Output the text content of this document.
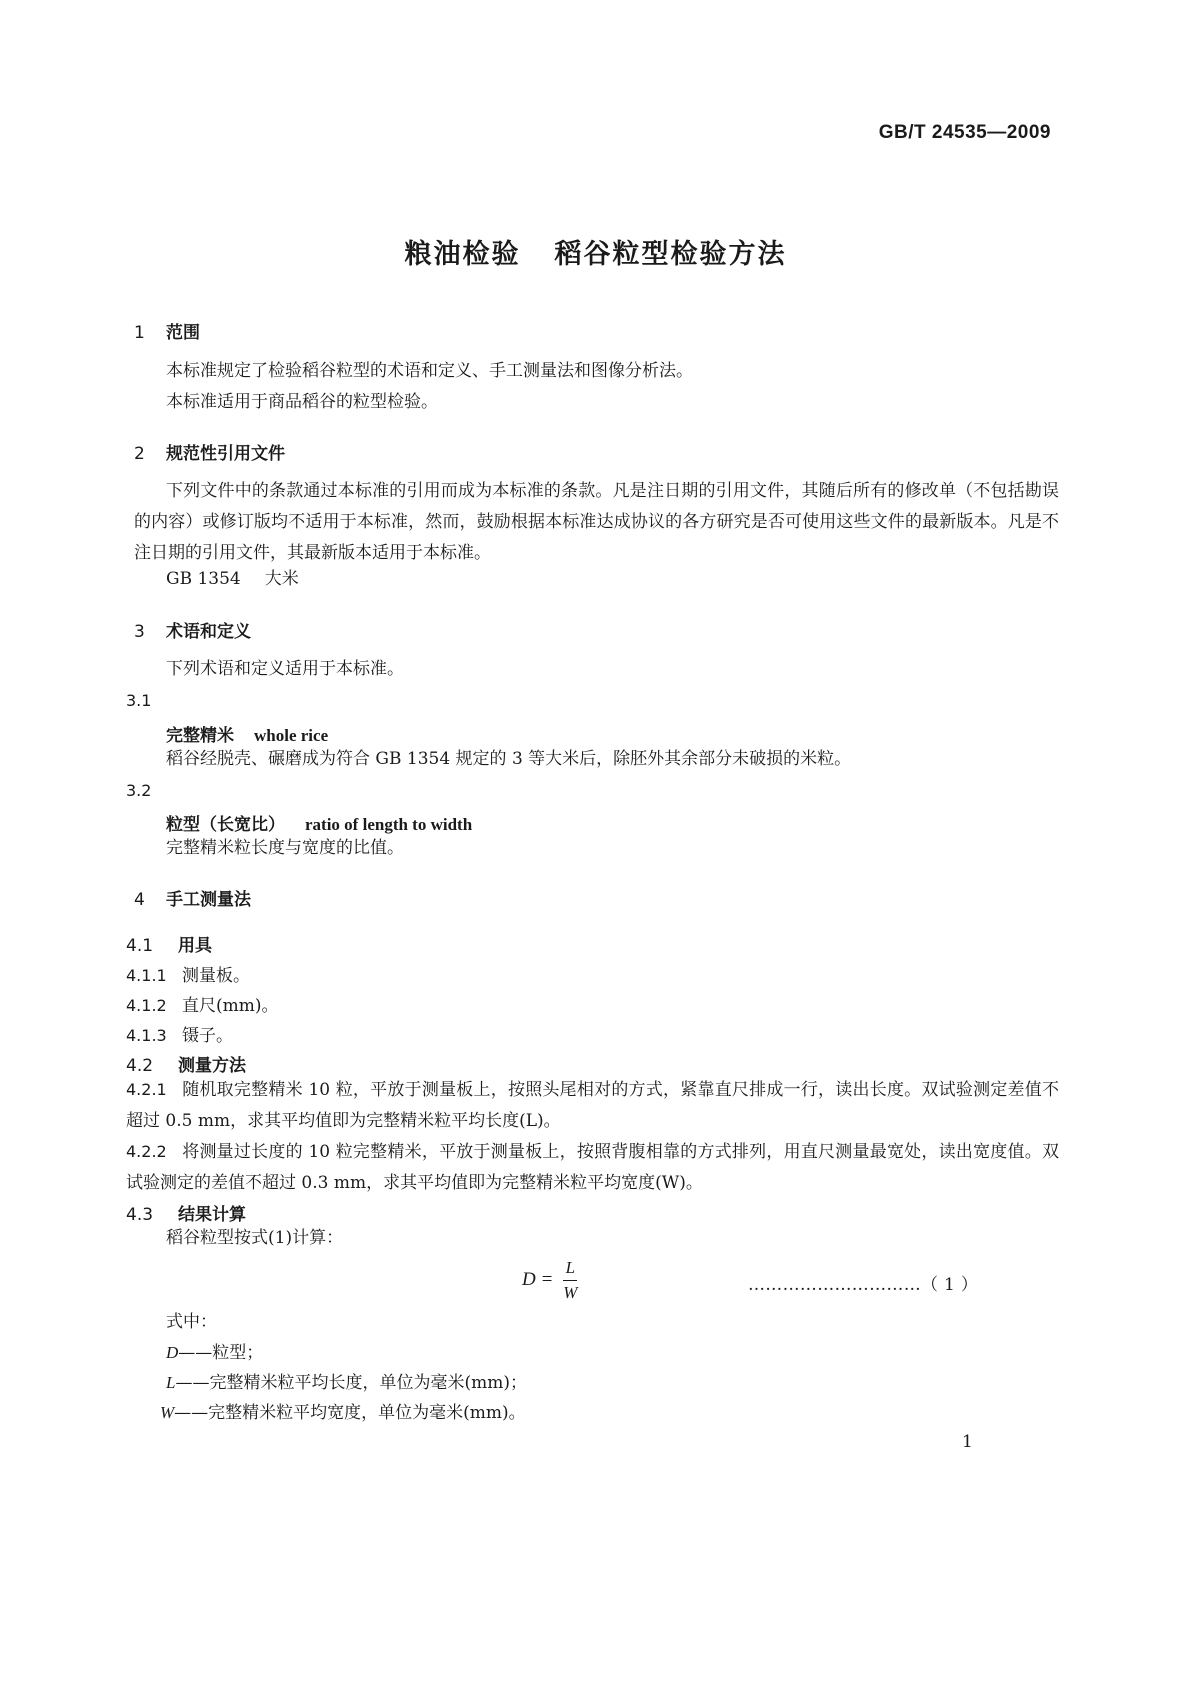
GB/T 24535—2009
粮油检验 稻谷粒型检验方法
1 范围
本标准规定了检验稻谷粒型的术语和定义、手工测量法和图像分析法。
本标准适用于商品稻谷的粒型检验。
2 规范性引用文件
下列文件中的条款通过本标准的引用而成为本标准的条款。凡是注日期的引用文件，其随后所有的修改单（不包括勘误的内容）或修订版均不适用于本标准，然而，鼓励根据本标准达成协议的各方研究是否可使用这些文件的最新版本。凡是不注日期的引用文件，其最新版本适用于本标准。
GB 1354 大米
3 术语和定义
下列术语和定义适用于本标准。
3.1
完整精米 whole rice
稻谷经脱壳、碾磨成为符合 GB 1354 规定的 3 等大米后，除胚外其余部分未破损的米粒。
3.2
粒型（长宽比） ratio of length to width
完整精米粒长度与宽度的比值。
4 手工测量法
4.1 用具
4.1.1 测量板。
4.1.2 直尺(mm)。
4.1.3 镊子。
4.2 测量方法
4.2.1 随机取完整精米 10 粒，平放于测量板上，按照头尾相对的方式，紧靠直尺排成一行，读出长度。双试验测定差值不超过 0.5 mm，求其平均值即为完整精米粒平均长度(L)。
4.2.2 将测量过长度的 10 粒完整精米，平放于测量板上，按照背腹相靠的方式排列，用直尺测量最宽处，读出宽度值。双试验测定的差值不超过 0.3 mm，求其平均值即为完整精米粒平均宽度(W)。
4.3 结果计算
稻谷粒型按式(1)计算：
$D = \frac{L}{W}$	…………………………（ 1 ）
式中：
D——粒型；
L——完整精米粒平均长度，单位为毫米(mm)；
W——完整精米粒平均宽度，单位为毫米(mm)。
1
